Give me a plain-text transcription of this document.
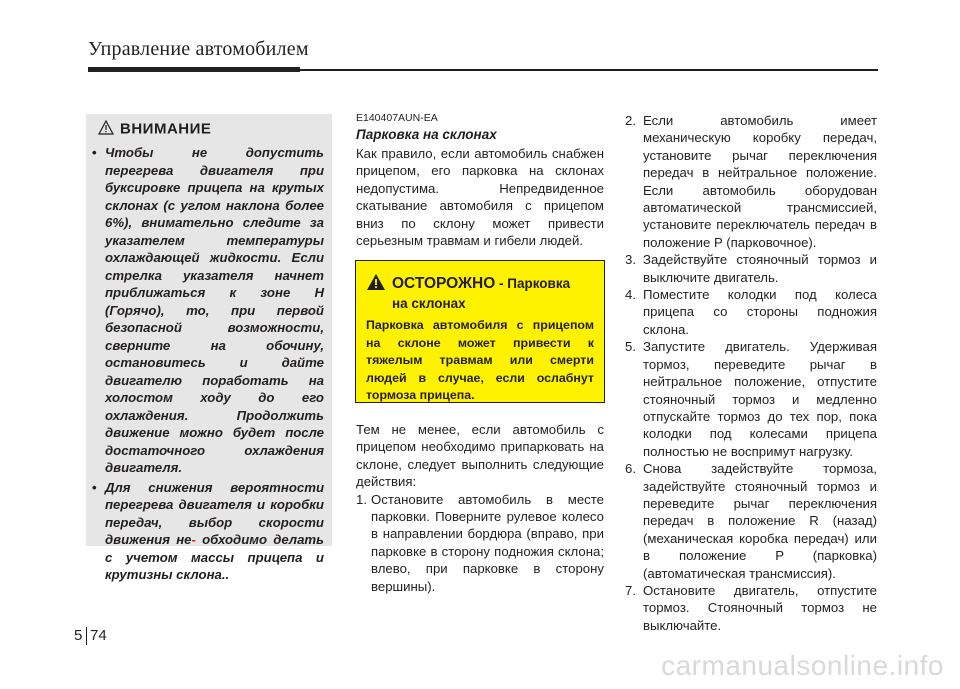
Управление автомобилем
ВНИМАНИЕ
• Чтобы не допустить перегрева двигателя при буксировке прицепа на крутых склонах (с углом наклона более 6%), внимательно следите за указателем температуры охлаждающей жидкости. Если стрелка указателя начнет приближаться к зоне H (Горячо), то, при первой безопасной возможности, сверните на обочину, остановитесь и дайте двигателю поработать на холостом ходу до его охлаждения. Продолжить движение можно будет после достаточного охлаждения двигателя.
• Для снижения вероятности перегрева двигателя и коробки передач, выбор скорости движения не- обходимо делать с учетом массы прицепа и крутизны склона..
E140407AUN-EA
Парковка на склонах
Как правило, если автомобиль снабжен прицепом, его парковка на склонах недопустима. Непредвиденное скатывание автомобиля с прицепом вниз по склону может привести серьезным травмам и гибели людей.
ОСТОРОЖНО - Парковка
на склонах
Парковка автомобиля с прицепом на склоне может привести к тяжелым травмам или смерти людей в случае, если ослабнут тормоза прицепа.
Тем не менее, если автомобиль с прицепом необходимо припарковать на склоне, следует выполнить следующие действия:
1. Остановите автомобиль в месте парковки. Поверните рулевое колесо в направлении бордюра (вправо, при парковке в сторону подножия склона; влево, при парковке в сторону вершины).
2. Если автомобиль имеет механическую коробку передач, установите рычаг переключения передач в нейтральное положение. Если автомобиль оборудован автоматической трансмиссией, установите переключатель передач в положение P (парковочное).
3. Задействуйте стояночный тормоз и выключите двигатель.
4. Поместите колодки под колеса прицепа со стороны подножия склона.
5. Запустите двигатель. Удерживая тормоз, переведите рычаг в нейтральное положение, отпустите стояночный тормоз и медленно отпускайте тормоз до тех пор, пока колодки под колесами прицепа полностью не воспримут нагрузку.
6. Снова задействуйте тормоза, задействуйте стояночный тормоз и переведите рычаг переключения передач в положение R (назад) (механическая коробка передач) или в положение P (парковка) (автоматическая трансмиссия).
7. Остановите двигатель, отпустите тормоз. Стояночный тормоз не выключайте.
5 74
carmanualsonline.info
